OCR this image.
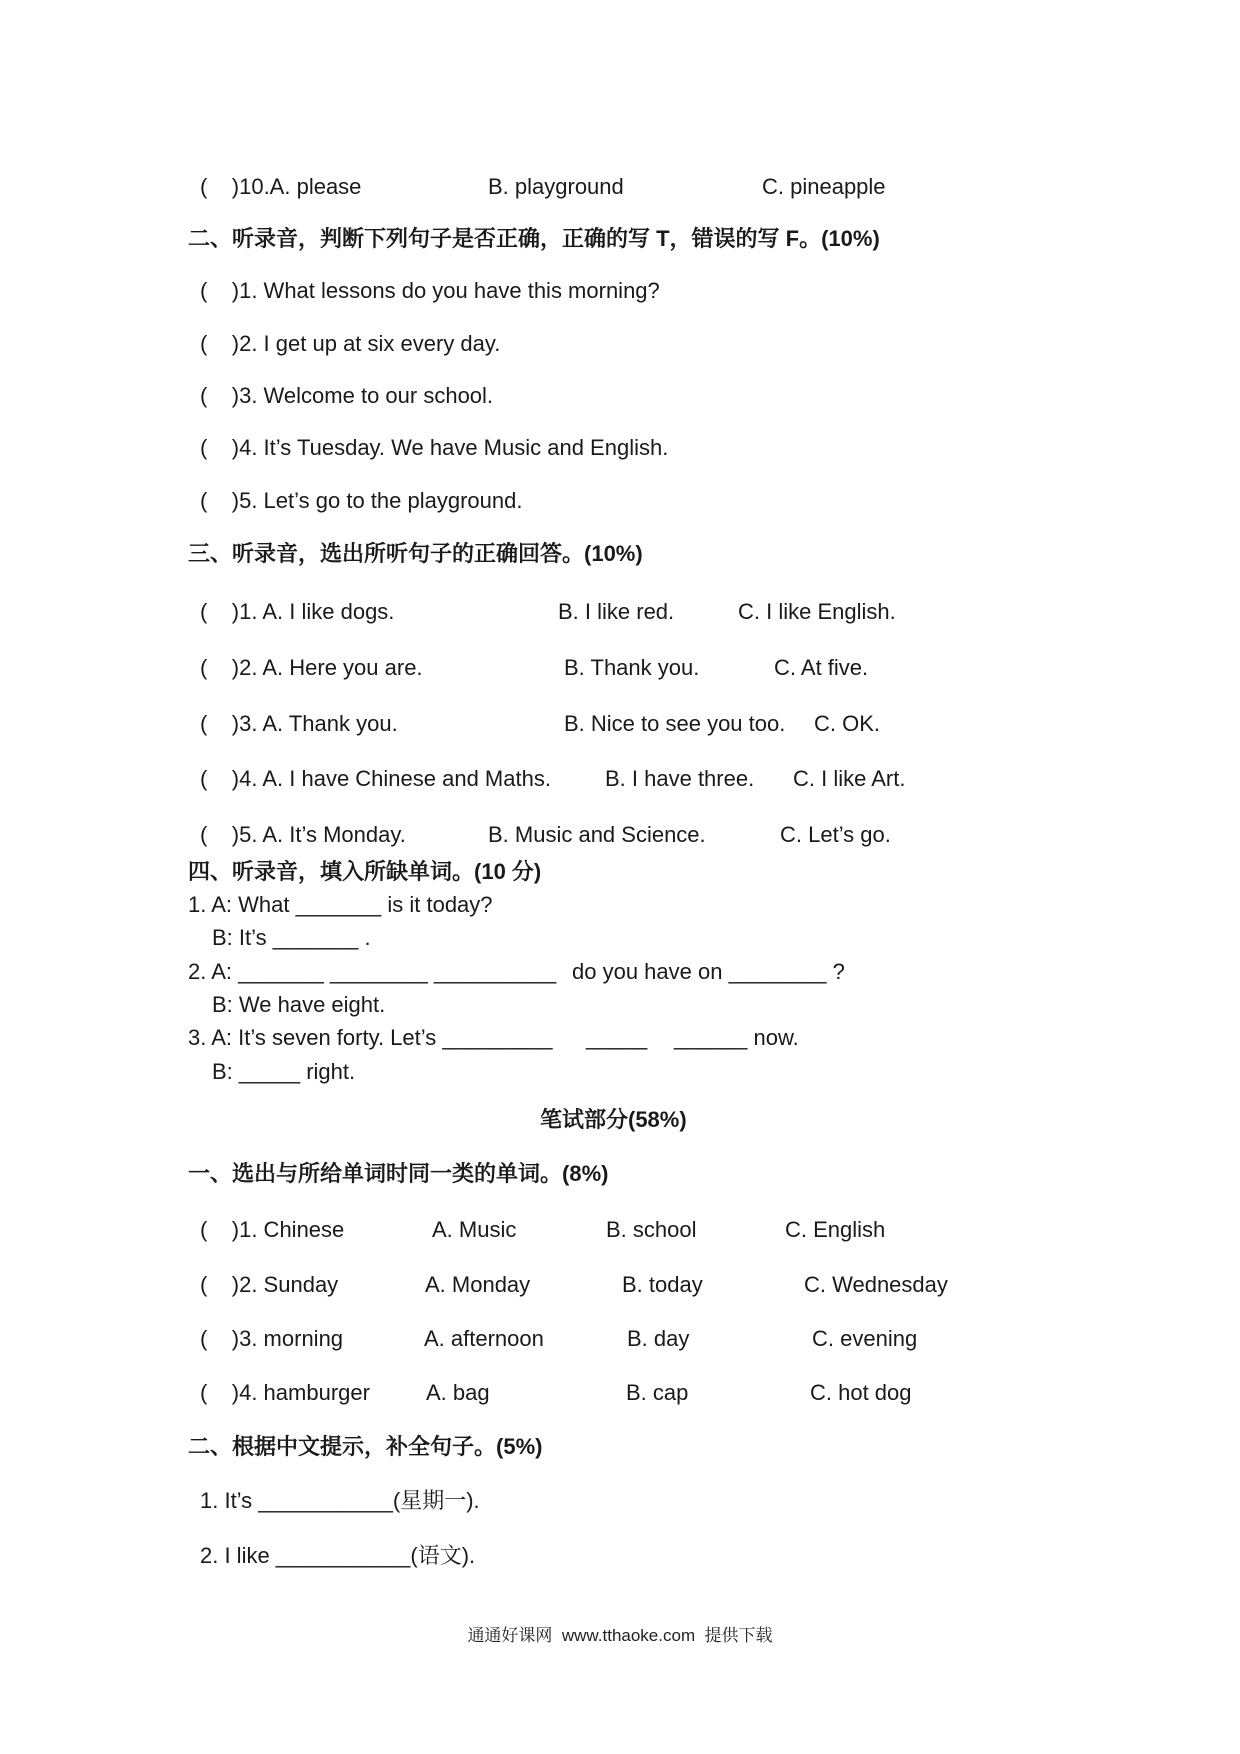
(    )10.A. please	B. playground	C. pineapple
二、听录音，判断下列句子是否正确，正确的写 T，错误的写 F。(10%)
(    )1. What lessons do you have this morning?
(    )2. I get up at six every day.
(    )3. Welcome to our school.
(    )4. It’s Tuesday. We have Music and English.
(    )5. Let’s go to the playground.
三、听录音，选出所听句子的正确回答。(10%)
(    )1. A. I like dogs.	B. I like red.	C. I like English.
(    )2. A. Here you are.	B. Thank you.	C. At five.
(    )3. A. Thank you.	B. Nice to see you too. C. OK.
(    )4. A. I have Chinese and Maths. B. I have three. C. I like Art.
(    )5. A. It’s Monday.	B. Music and Science.	C. Let’s go.
四、听录音，填入所缺单词。(10 分)
1. A: What _______ is it today?
B: It’s _______ .
2. A: _______ ________ __________ do you have on ________ ?
B: We have eight.
3. A: It’s seven forty. Let’s _________ _____ ______ now.
B: _____ right.
笔试部分(58%)
一、选出与所给单词时同一类的单词。(8%)
(    )1. Chinese	A. Music	B. school	C. English
(    )2. Sunday	A. Monday	B. today	C. Wednesday
(    )3. morning	A. afternoon	B. day	C. evening
(    )4. hamburger	A. bag	B. cap	C. hot dog
二、根据中文提示，补全句子。(5%)
1. It’s ___________(星期一).
2. I like ___________(语文).
通通好课网  www.tthaoke.com  提供下载
